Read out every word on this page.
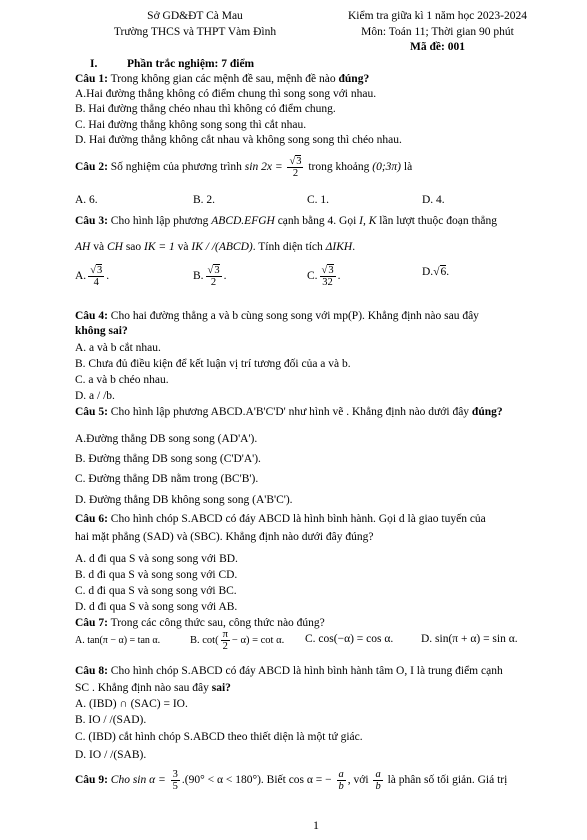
Sở GD&ĐT Cà Mau
Trường THCS và THPT Vàm Đình
Kiểm tra giữa kì 1 năm học 2023-2024
Môn: Toán 11; Thời gian 90 phút
Mã đề: 001
I.	Phần trắc nghiệm: 7 điểm
Câu 1: Trong không gian các mệnh đề sau, mệnh đề nào đúng?
A.Hai đường thẳng không có điểm chung thì song song với nhau.
B. Hai đường thẳng chéo nhau thì không có điểm chung.
C. Hai đường thẳng không song song thì cắt nhau.
D. Hai đường thẳng không cắt nhau và không song song thì chéo nhau.
Câu 2: Số nghiệm của phương trình $\sin 2x = \frac{√3}{2}$ trong khoảng (0;3π) là
A. 6.	B. 2.	C. 1.	D. 4.
Câu 3: Cho hình lập phương ABCD.EFGH cạnh bằng 4. Gọi I, K lần lượt thuộc đoạn thẳng
AH và CH sao IK = 1 và IK / /(ABCD). Tính diện tích ΔIKH.
A. $\frac{√3}{4}$ .	B. $\frac{√3}{2}$ .	C. $\frac{√3}{32}$ .	D.√6.
Câu 4: Cho hai đường thẳng a và b cùng song song với mp(P). Khẳng định nào sau đây
không sai?
A. a và b cắt nhau.
B. Chưa đủ điều kiện để kết luận vị trí tương đối của a và b.
C. a và b chéo nhau.
D. a / /b.
Câu 5: Cho hình lập phương ABCD.A'B'C'D' như hình vẽ . Khẳng định nào dưới đây đúng?
A.Đường thẳng DB song song (AD'A').
B. Đường thẳng DB song song (C'D'A').
C. Đường thẳng DB nằm trong (BC'B').
D. Đường thẳng DB không song song (A'B'C').
Câu 6: Cho hình chóp S.ABCD có đáy ABCD là hình bình hành. Gọi d là giao tuyến của
hai mặt phẳng (SAD) và (SBC). Khẳng định nào dưới đây đúng?
A. d đi qua S và song song với BD.
B. d đi qua S và song song với CD.
C. d đi qua S và song song với BC.
D. d đi qua S và song song với AB.
Câu 7: Trong các công thức sau, công thức nào đúng?
A. tan(π − α) = tan α.	B. $\cot( \frac{\pi}{2} - \alpha) = \cot \alpha$. C. cos(−α) = cos α. D. sin(π + α) = sin α.
Câu 8: Cho hình chóp S.ABCD có đáy ABCD là hình bình hành tâm O, I là trung điểm cạnh
SC . Khẳng định nào sau đây sai?
A. (IBD) ∩ (SAC) = IO.
B. IO / /(SAD).
C. (IBD) cắt hình chóp S.ABCD theo thiết diện là một tứ giác.
D. IO / /(SAB).
Câu 9: Cho $\sin \alpha = \frac{3}{5} .(90^\circ < \alpha < 180^\circ)$. Biết cos α = − $\frac{a}{b}$ , với $\frac{a}{b}$ là phân số tối giản. Giá trị
1
